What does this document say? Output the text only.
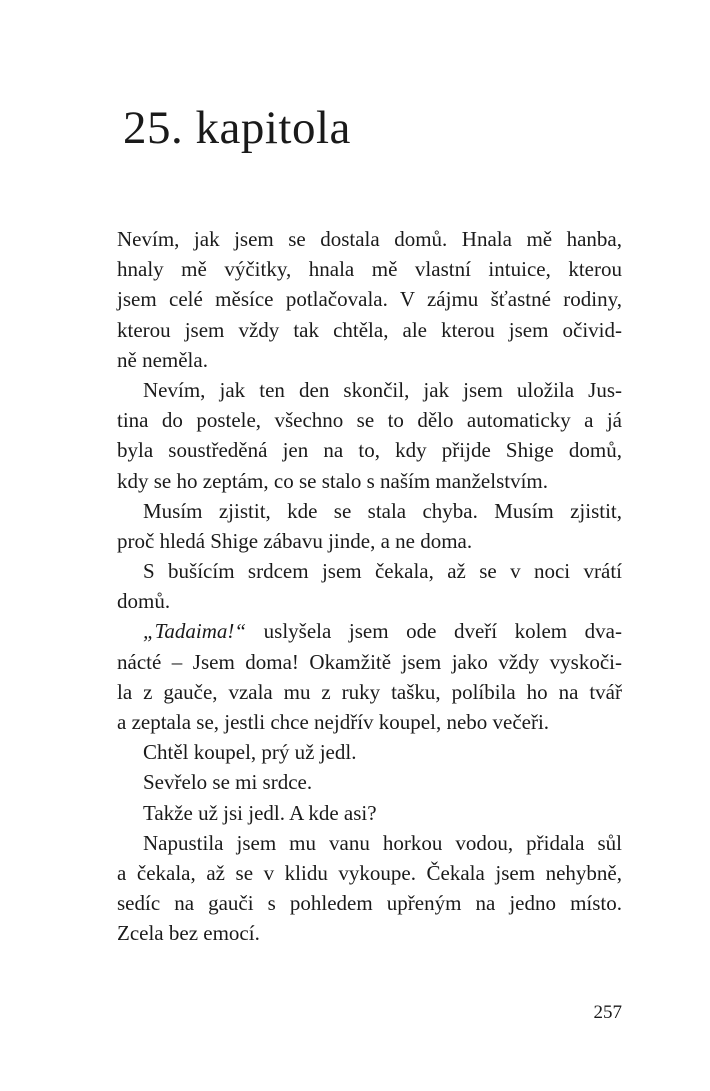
25. kapitola
Nevím, jak jsem se dostala domů. Hnala mě hanba,
hnaly mě výčitky, hnala mě vlastní intuice, kterou
jsem celé měsíce potlačovala. V zájmu šťastné rodiny,
kterou jsem vždy tak chtěla, ale kterou jsem očivid-
ně neměla.
Nevím, jak ten den skončil, jak jsem uložila Jus-
tina do postele, všechno se to dělo automaticky a já
byla soustředěná jen na to, kdy přijde Shige domů,
kdy se ho zeptám, co se stalo s naším manželstvím.
Musím zjistit, kde se stala chyba. Musím zjistit,
proč hledá Shige zábavu jinde, a ne doma.
S bušícím srdcem jsem čekala, až se v noci vrátí
domů.
„Tadaima!“ uslyšela jsem ode dveří kolem dva-
nácté – Jsem doma! Okamžitě jsem jako vždy vyskoči-
la z gauče, vzala mu z ruky tašku, políbila ho na tvář
a zeptala se, jestli chce nejdřív koupel, nebo večeři.
Chtěl koupel, prý už jedl.
Sevřelo se mi srdce.
Takže už jsi jedl. A kde asi?
Napustila jsem mu vanu horkou vodou, přidala sůl
a čekala, až se v klidu vykoupe. Čekala jsem nehybně,
sedíc na gauči s pohledem upřeným na jedno místo.
Zcela bez emocí.
257
